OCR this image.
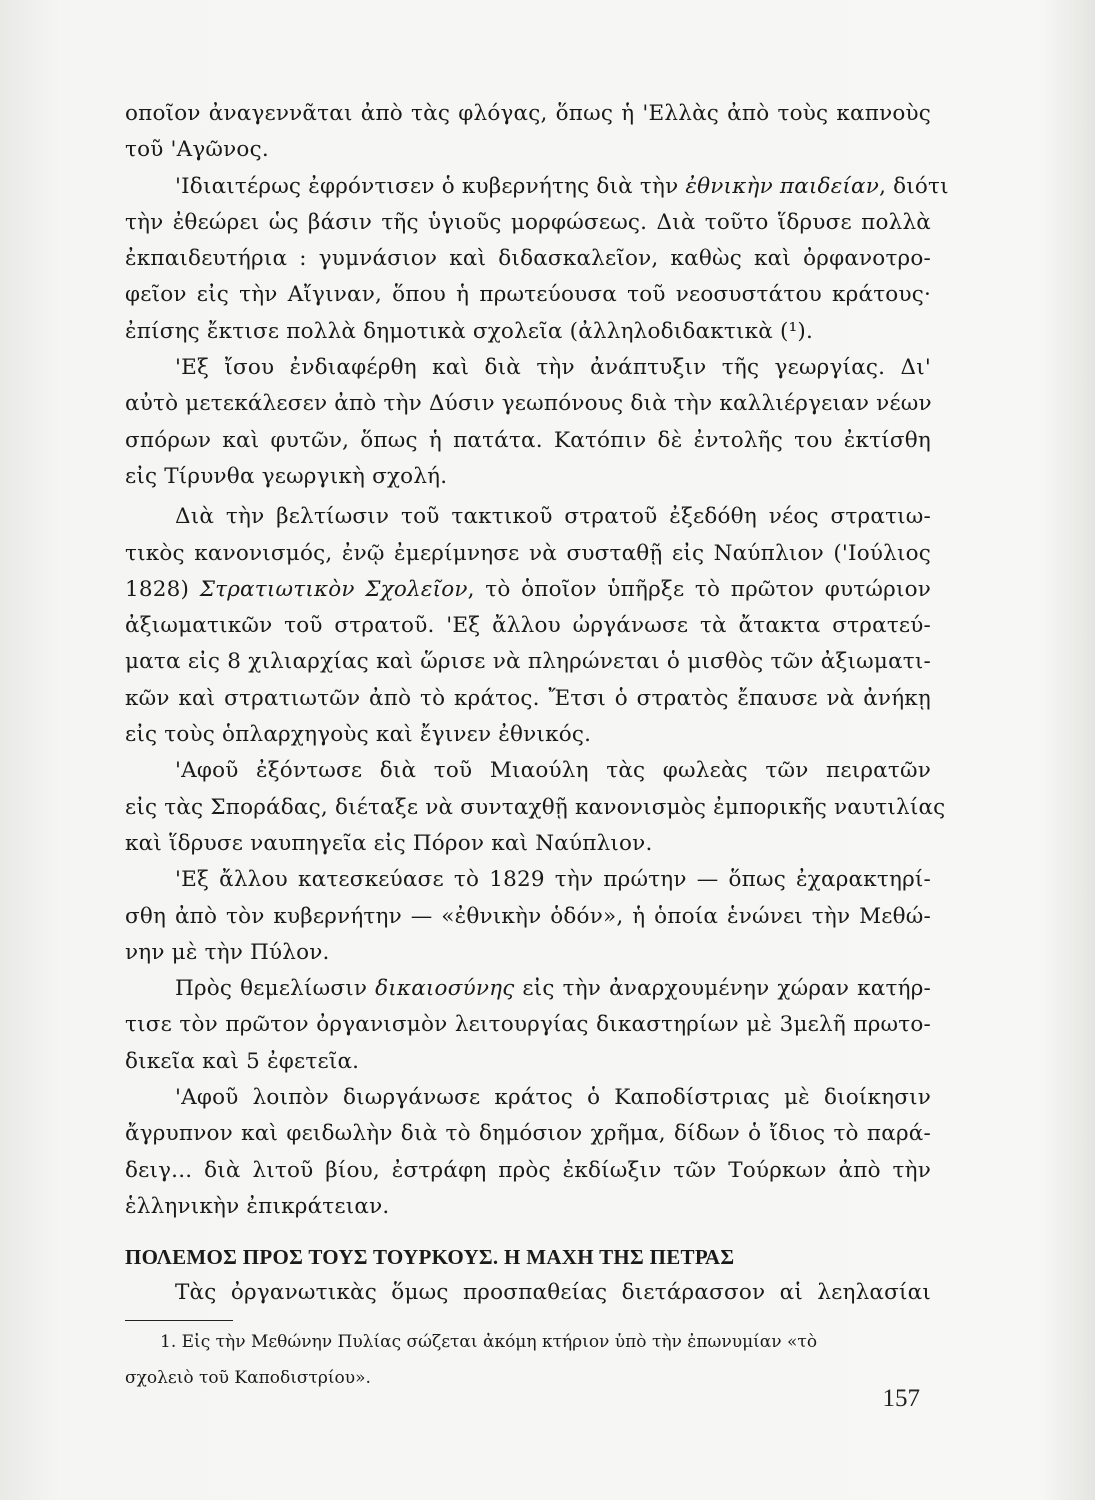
οποῖον ἀναγεννᾶται ἀπὸ τὰς φλόγας, ὅπως ἡ 'Ελλὰς ἀπὸ τοὺς καπνοὺς
τοῦ 'Αγῶνος.
'Ιδιαιτέρως ἐφρόντισεν ὁ κυβερνήτης διὰ τὴν ἐθνικὴν παιδείαν, διότι
τὴν ἐθεώρει ὡς βάσιν τῆς ὑγιοῦς μορφώσεως. Διὰ τοῦτο ἵδρυσε πολλὰ
ἐκπαιδευτήρια : γυμνάσιον καὶ διδασκαλεῖον, καθὼς καὶ ὀρφανοτρο-
φεῖον εἰς τὴν Αἴγιναν, ὅπου ἡ πρωτεύουσα τοῦ νεοσυστάτου κράτους·
ἐπίσης ἔκτισε πολλὰ δημοτικὰ σχολεῖα (ἀλληλοδιδακτικὰ (¹).
'Εξ ἴσου ἐνδιαφέρθη καὶ διὰ τὴν ἀνάπτυξιν τῆς γεωργίας. Δι'
αὐτὸ μετεκάλεσεν ἀπὸ τὴν Δύσιν γεωπόνους διὰ τὴν καλλιέργειαν νέων
σπόρων καὶ φυτῶν, ὅπως ἡ πατάτα. Κατόπιν δὲ ἐντολῆς του ἐκτίσθη
εἰς Τίρυνθα γεωργικὴ σχολή.
Διὰ τὴν βελτίωσιν τοῦ τακτικοῦ στρατοῦ ἐξεδόθη νέος στρατιω-
τικὸς κανονισμός, ἐνῷ ἐμερίμνησε νὰ συσταθῇ εἰς Ναύπλιον ('Ιούλιος
1828) Στρατιωτικὸν Σχολεῖον, τὸ ὁποῖον ὑπῆρξε τὸ πρῶτον φυτώριον
ἀξιωματικῶν τοῦ στρατοῦ. 'Εξ ἄλλου ὠργάνωσε τὰ ἄτακτα στρατεύ-
ματα εἰς 8 χιλιαρχίας καὶ ὥρισε νὰ πληρώνεται ὁ μισθὸς τῶν ἀξιωματι-
κῶν καὶ στρατιωτῶν ἀπὸ τὸ κράτος. Ἔτσι ὁ στρατὸς ἔπαυσε νὰ ἀνήκῃ
εἰς τοὺς ὁπλαρχηγοὺς καὶ ἔγινεν ἐθνικός.
'Αφοῦ ἐξόντωσε διὰ τοῦ Μιαούλη τὰς φωλεὰς τῶν πειρατῶν
εἰς τὰς Σποράδας, διέταξε νὰ συνταχθῇ κανονισμὸς ἐμπορικῆς ναυτιλίας
καὶ ἵδρυσε ναυπηγεῖα εἰς Πόρον καὶ Ναύπλιον.
'Εξ ἄλλου κατεσκεύασε τὸ 1829 τὴν πρώτην — ὅπως ἐχαρακτηρί-
σθη ἀπὸ τὸν κυβερνήτην — «ἐθνικὴν ὁδόν», ἡ ὁποία ἑνώνει τὴν Μεθώ-
νην μὲ τὴν Πύλον.
Πρὸς θεμελίωσιν δικαιοσύνης εἰς τὴν ἀναρχουμένην χώραν κατήρ-
τισε τὸν πρῶτον ὀργανισμὸν λειτουργίας δικαστηρίων μὲ 3μελῆ πρωτο-
δικεῖα καὶ 5 ἐφετεῖα.
'Αφοῦ λοιπὸν διωργάνωσε κράτος ὁ Καποδίστριας μὲ διοίκησιν
ἄγρυπνον καὶ φειδωλὴν διὰ τὸ δημόσιον χρῆμα, δίδων ὁ ἴδιος τὸ παρά-
δειγ... διὰ λιτοῦ βίου, ἐστράφη πρὸς ἐκδίωξιν τῶν Τούρκων ἀπὸ τὴν
ἑλληνικὴν ἐπικράτειαν.
ΠΟΛΕΜΟΣ ΠΡΟΣ ΤΟΥΣ ΤΟΥΡΚΟΥΣ. Η ΜΑΧΗ ΤΗΣ ΠΕΤΡΑΣ
Τὰς ὀργανωτικὰς ὅμως προσπαθείας διετάρασσον αἱ λεηλασίαι
1. Εἰς τὴν Μεθώνην Πυλίας σώζεται ἀκόμη κτήριον ὑπὸ τὴν ἐπωνυμίαν «τὸ
σχολειὸ τοῦ Καποδιστρίου».
157
